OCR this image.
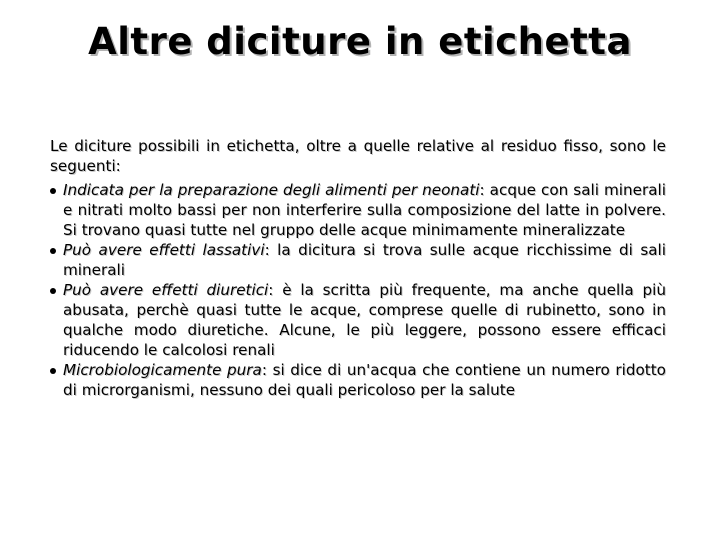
Altre diciture in etichetta

Le diciture possibili in etichetta, oltre a quelle relative al residuo fisso, sono le seguenti:

Indicata per la preparazione degli alimenti per neonati: acque con sali minerali e nitrati molto bassi per non interferire sulla composizione del latte in polvere. Si trovano quasi tutte nel gruppo delle acque minimamente mineralizzate
Può avere effetti lassativi: la dicitura si trova sulle acque ricchissime di sali minerali
Può avere effetti diuretici: è la scritta più frequente, ma anche quella più abusata, perchè quasi tutte le acque, comprese quelle di rubinetto, sono in qualche modo diuretiche. Alcune, le più leggere, possono essere efficaci riducendo le calcolosi renali
Microbiologicamente pura: si dice di un'acqua che contiene un numero ridotto di microrganismi, nessuno dei quali pericoloso per la salute
